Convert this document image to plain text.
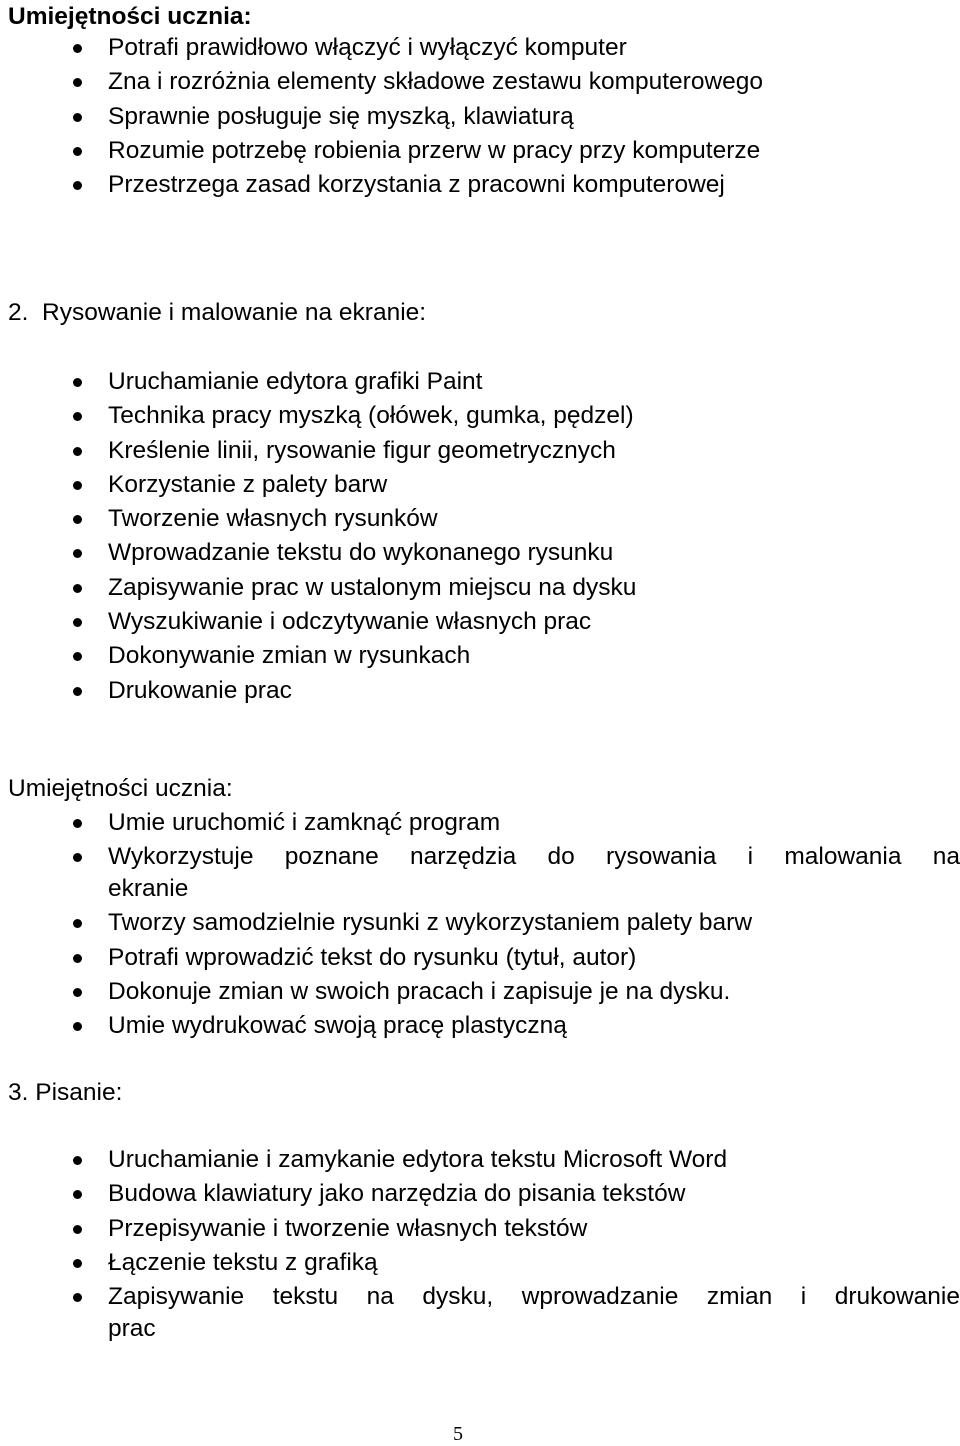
Umiejętności ucznia:
Potrafi prawidłowo włączyć i wyłączyć komputer
Zna i rozróżnia elementy składowe zestawu komputerowego
Sprawnie posługuje się myszką, klawiaturą
Rozumie potrzebę robienia przerw w pracy przy komputerze
Przestrzega zasad korzystania z pracowni komputerowej
2.  Rysowanie i malowanie na ekranie:
Uruchamianie edytora grafiki Paint
Technika pracy myszką (ołówek, gumka, pędzel)
Kreślenie linii, rysowanie figur geometrycznych
Korzystanie z palety barw
Tworzenie własnych rysunków
Wprowadzanie tekstu do wykonanego rysunku
Zapisywanie prac w ustalonym miejscu na dysku
Wyszukiwanie i odczytywanie własnych prac
Dokonywanie zmian w rysunkach
Drukowanie prac
Umiejętności ucznia:
Umie uruchomić i zamknąć program
Wykorzystuje poznane narzędzia do rysowania i malowania na
ekranie
Tworzy samodzielnie rysunki z wykorzystaniem palety barw
Potrafi wprowadzić tekst do rysunku (tytuł, autor)
Dokonuje zmian w swoich pracach i zapisuje je na dysku.
Umie wydrukować swoją pracę plastyczną
3. Pisanie:
Uruchamianie i zamykanie edytora tekstu Microsoft Word
Budowa klawiatury jako narzędzia do pisania tekstów
Przepisywanie i tworzenie własnych tekstów
Łączenie tekstu z grafiką
Zapisywanie tekstu na dysku, wprowadzanie zmian i drukowanie
prac
5
